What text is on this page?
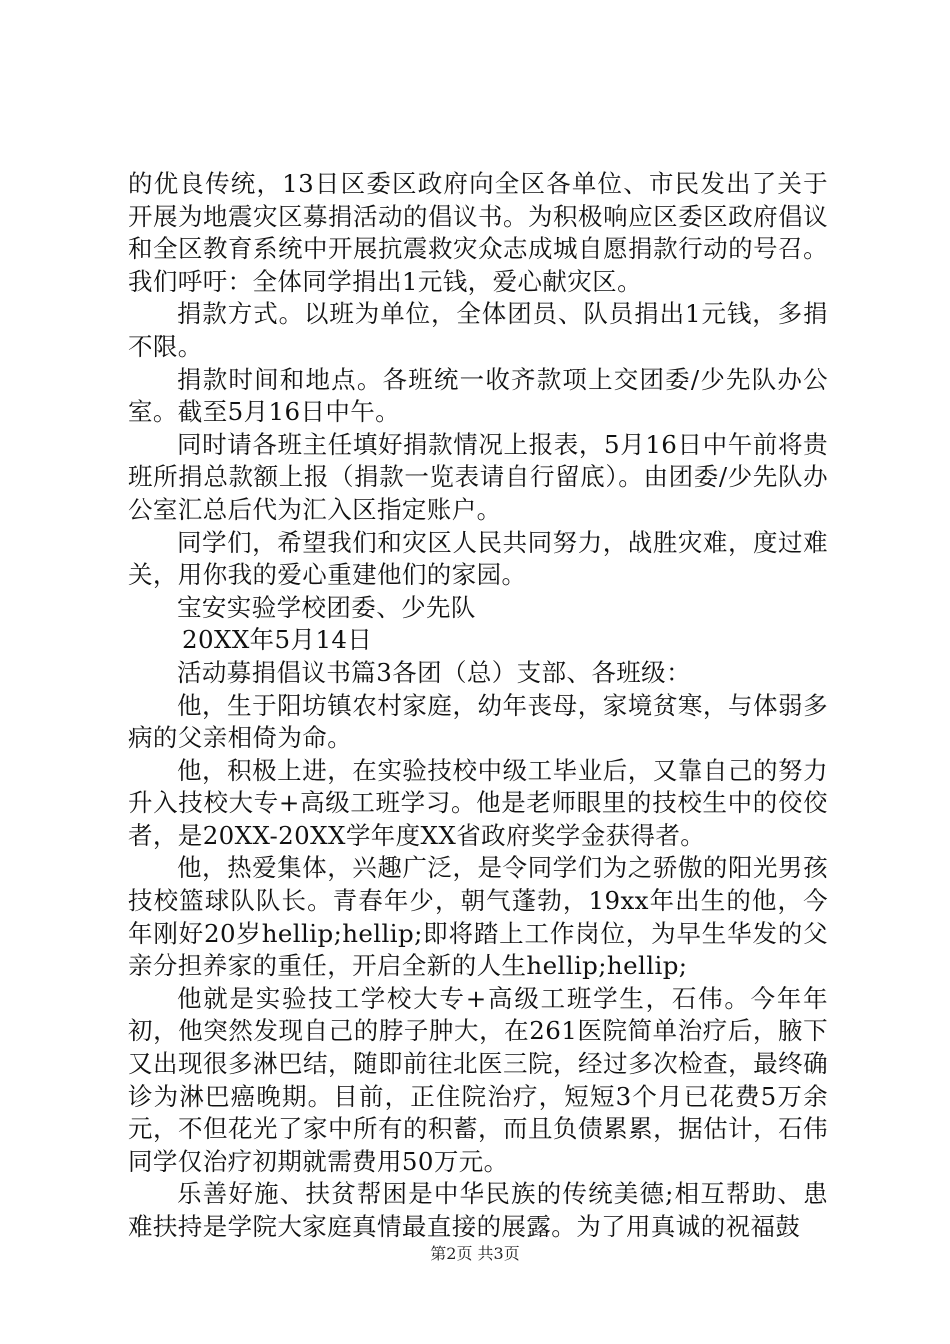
的优良传统，13日区委区政府向全区各单位、市民发出了关于开展为地震灾区募捐活动的倡议书。为积极响应区委区政府倡议和全区教育系统中开展抗震救灾众志成城自愿捐款行动的号召。我们呼吁：全体同学捐出1元钱，爱心献灾区。

捐款方式。以班为单位，全体团员、队员捐出1元钱，多捐不限。

捐款时间和地点。各班统一收齐款项上交团委/少先队办公室。截至5月16日中午。

同时请各班主任填好捐款情况上报表，5月16日中午前将贵班所捐总款额上报（捐款一览表请自行留底）。由团委/少先队办公室汇总后代为汇入区指定账户。

同学们，希望我们和灾区人民共同努力，战胜灾难，度过难关，用你我的爱心重建他们的家园。

宝安实验学校团委、少先队

20XX年5月14日

活动募捐倡议书篇3各团（总）支部、各班级：

他，生于阳坊镇农村家庭，幼年丧母，家境贫寒，与体弱多病的父亲相倚为命。

他，积极上进，在实验技校中级工毕业后，又靠自己的努力升入技校大专+高级工班学习。他是老师眼里的技校生中的佼佼者，是20XX-20XX学年度XX省政府奖学金获得者。

他，热爱集体，兴趣广泛，是令同学们为之骄傲的阳光男孩技校篮球队队长。青春年少，朝气蓬勃，19xx年出生的他，今年刚好20岁hellip;hellip;即将踏上工作岗位，为早生华发的父亲分担养家的重任，开启全新的人生hellip;hellip;

他就是实验技工学校大专+高级工班学生，石伟。今年年初，他突然发现自己的脖子肿大，在261医院简单治疗后，腋下又出现很多淋巴结，随即前往北医三院，经过多次检查，最终确诊为淋巴癌晚期。目前，正住院治疗，短短3个月已花费5万余元，不但花光了家中所有的积蓄，而且负债累累，据估计，石伟同学仅治疗初期就需费用50万元。

乐善好施、扶贫帮困是中华民族的传统美德;相互帮助、患难扶持是学院大家庭真情最直接的展露。为了用真诚的祝福鼓

第2页 共3页
